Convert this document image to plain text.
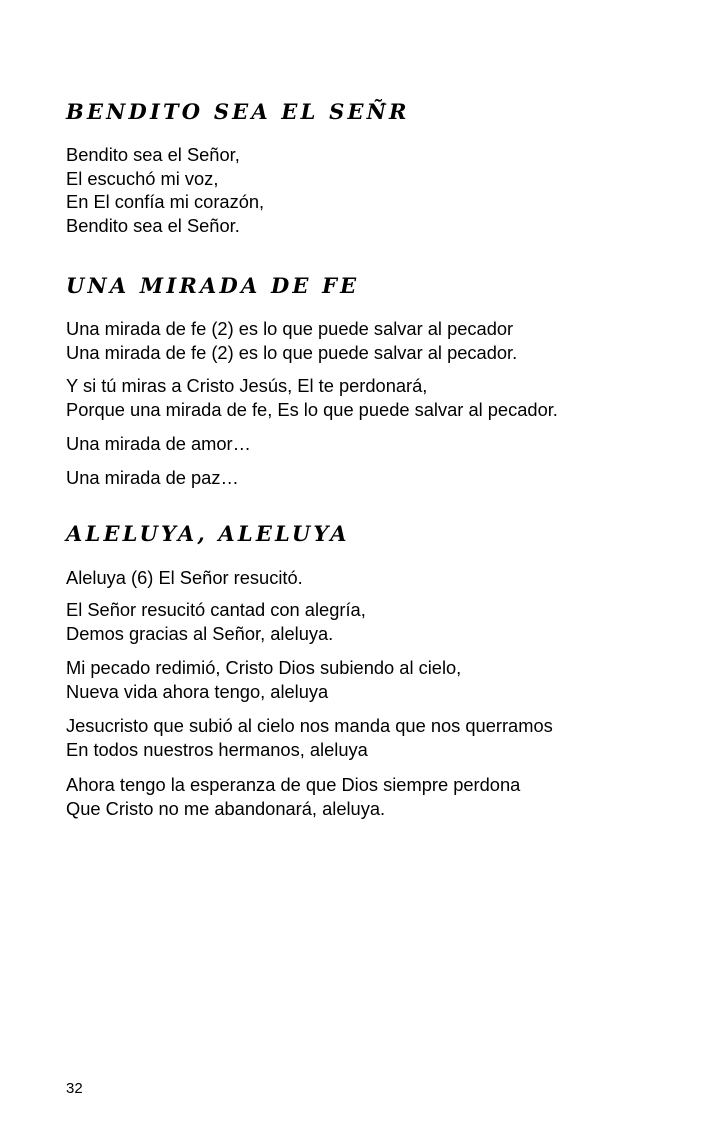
BENDITO SEA EL SEÑ́R
Bendito sea el Señor,
El escuchó mi voz,
En El confía mi corazón,
Bendito sea el Señor.
UNA MIRADA DE FE
Una mirada de fe (2) es lo que puede salvar al pecador
Una mirada de fe (2) es lo que puede salvar al pecador.
Y si tú miras a Cristo Jesús, El te perdonará,
Porque una mirada de fe, Es lo que puede salvar al pecador.
Una mirada de amor…
Una mirada de paz…
ALELUYA, ALELUYA
Aleluya (6) El Señor resucitó.
El Señor resucitó cantad con alegría,
Demos gracias al Señor, aleluya.
Mi pecado redimió, Cristo Dios subiendo al cielo,
Nueva vida ahora tengo, aleluya
Jesucristo que subió al cielo nos manda que nos querramos
En todos nuestros hermanos, aleluya
Ahora tengo la esperanza de que Dios siempre perdona
Que Cristo no me abandonará, aleluya.
32
